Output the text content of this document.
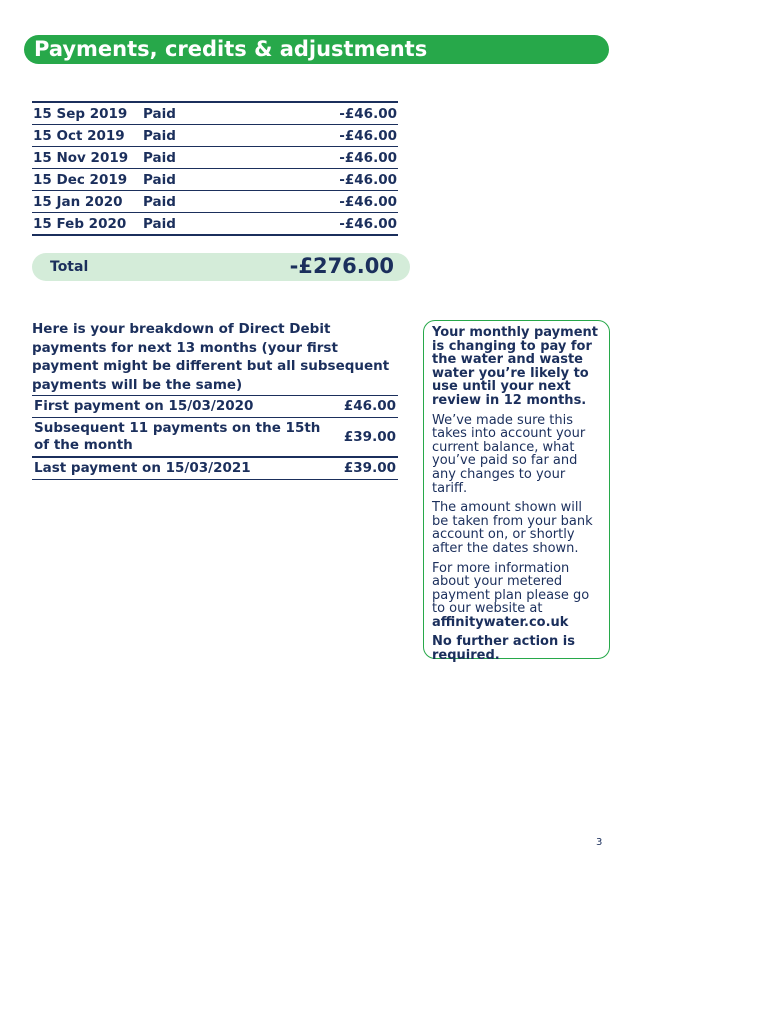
Payments, credits & adjustments
15 Sep 2019	Paid	-£46.00
15 Oct 2019	Paid	-£46.00
15 Nov 2019	Paid	-£46.00
15 Dec 2019	Paid	-£46.00
15 Jan 2020	Paid	-£46.00
15 Feb 2020	Paid	-£46.00
Total	-£276.00
Here is your breakdown of Direct Debit payments for next 13 months (your first payment might be different but all subsequent payments will be the same)
First payment on 15/03/2020	£46.00
Subsequent 11 payments on the 15th of the month	£39.00
Last payment on 15/03/2021	£39.00

Your monthly payment is changing to pay for the water and waste water you’re likely to use until your next review in 12 months.

We’ve made sure this takes into account your current balance, what you’ve paid so far and any changes to your tariff.

The amount shown will be taken from your bank account on, or shortly after the dates shown.

For more information about your metered payment plan please go to our website at affinitywater.co.uk

No further action is required.

3
